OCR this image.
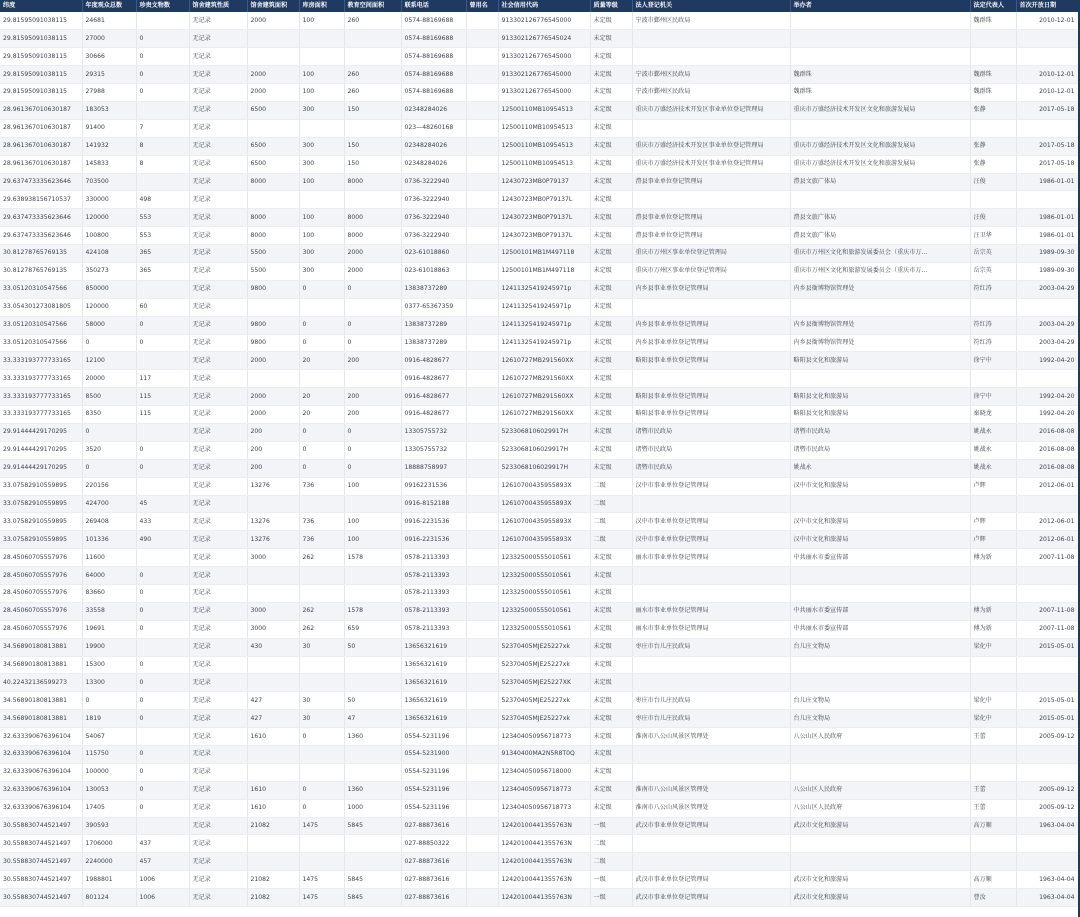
纬度	年度观众总数	珍贵文物数	馆舍建筑性质	馆舍建筑面积	库房面积	教育空间面积	联系电话	曾用名	社会信用代码	质量等级	法人登记机关	举办者	法定代表人	首次开放日期
29.81595091038115	24681		无记录	2000	100	260	0574-88169688		91330212677654500​0	未定级	宁波市鄞州区民政局		魏群珠	2010-12-01
29.81595091038115	27000	0	无记录				0574-88169688		913302126776545024	未定级				
29.81595091038115	30666	0	无记录				0574-88169688		913302126776545000	未定级				
29.81595091038115	29315	0	无记录	2000	100	260	0574-88169688		913302126776545000	未定级	宁波市鄞州区民政局	魏群珠	魏群珠	2010-12-01
29.81595091038115	27988	0	无记录	2000	100	260	0574-88169688		913302126776545000	未定级	宁波市鄞州区民政局	魏群珠	魏群珠	2010-12-01
28.961367010630187	183053		无记录	6500	300	150	02348284026		12500110MB10954513	未定级	重庆市万盛经济技术开发区事业单位登记管理局	重庆市万盛经济技术开发区文化和旅游发展局	张静	2017-05-18
28.961367010630187	91400	7	无记录				023—48260168		12500110MB10954513	未定级				
28.961367010630187	141932	8	无记录	6500	300	150	02348284026		12500110MB10954513	未定级	重庆市万盛经济技术开发区事业单位登记管理局	重庆市万盛经济技术开发区文化和旅游发展局	张静	2017-05-18
28.961367010630187	145833	8	无记录	6500	300	150	02348284026		12500110MB10954513	未定级	重庆市万盛经济技术开发区事业单位登记管理局	重庆市万盛经济技术开发区文化和旅游发展局	张静	2017-05-18
29.637473335623646	703500		无记录	8000	100	8000	0736-3222940		12430723MB0P79137	未定级	澧县事业单位登记管理局	澧县文旅广体局	汪俊	1986-01-01
29.638938156710537	330000	498	无记录				0736-3222940		12430723MB0P79137L	未定级				
29.637473335623646	120000	553	无记录	8000	100	8000	0736-3222940		12430723MB0P79137L	未定级	澧县事业单位登记管理局	澧县文旅广体局	汪俊	1986-01-01
29.637473335623646	100800	553	无记录	8000	100	8000	0736-3222940		12430723MB0P79137L	未定级	澧县事业单位登记管理局	澧县文旅广体局	汪卫华	1986-01-01
30.81278765769135	424108	365	无记录	5500	300	2000	023-61018860		12500101MB1M497118	未定级	重庆市万州区事业单位登记管理局	重庆市万州区文化和旅游发展委员会（重庆市万...	岳宗英	1989-09-30
30.81278765769135	350273	365	无记录	5500	300	2000	023-61018863		12500101MB1M497118	未定级	重庆市万州区事业单位登记管理局	重庆市万州区文化和旅游发展委员会（重庆市万...	岳宗英	1989-09-30
33.05120310547566	850000		无记录	9800	0	0	13838737289		1241132541924597​1p	未定级	内乡县事业单位登记管理局	内乡县衙博物馆管理处	符红涛	2003-04-29
33.05430127308180​5	120000	60	无记录				0377-65367359		12411325419245971p	未定级				
33.05120310547566	58000	0	无记录	9800	0	0	13838737289		12411325419245971p	未定级	内乡县事业单位登记管理局	内乡县衙博物馆管理处	符红涛	2003-04-29
33.05120310547566	0	0	无记录	9800	0	0	13838737289		12411325419245971p	未定级	内乡县事业单位登记管理局	内乡县衙博物馆管理处	符红涛	2003-04-29
33.33319377773316​5	12100		无记录	2000	20	200	0916-4828677		12610727MB291560XX	未定级	略阳县事业单位登记管理局	略阳县文化和旅游局	徐宁中	1992-04-20
33.33319377773316​5	20000	117	无记录				0916-4828677		12610727MB291560XX	未定级				
33.33319377773316​5	8500	115	无记录	2000	20	200	0916-4828677		12610727MB291560XX	未定级	略阳县事业单位登记管理局	略阳县文化和旅游局	徐宁中	1992-04-20
33.33319377773316​5	8350	115	无记录	2000	20	200	0916-4828677		12610727MB291560XX	未定级	略阳县事业单位登记管理局	略阳县文化和旅游局	秦晓龙	1992-04-20
29.91444429170295	0		无记录	200	0	0	13305755732		52330681060299​17H	未定级	诸暨市民政局	诸暨市民政局	姚战永	2016-08-08
29.91444429170295	3520	0	无记录	200	0	0	13305755732		52330681060299​17H	未定级	诸暨市民政局	诸暨市民政局	姚战永	2016-08-08
29.91444429170295	0	0	无记录	200	0	0	18888758997		52330681060299​17H	未定级	诸暨市民政局	姚战永	姚战永	2016-08-08
33.07582910559895	220156		无记录	13276	736	100	09162231536		12610700435955893X	二级	汉中市事业单位登记管理局	汉中市文化和旅游局	卢辉	2012-06-01
33.07582910559895	424700	45	无记录				0916-8152188		12610700435955893X	二级				
33.07582910559895	269408	433	无记录	13276	736	100	0916-2231536		12610700435955893X	二级	汉中市事业单位登记管理局	汉中市文化和旅游局	卢辉	2012-06-01
33.07582910559895	101336	490	无记录	13276	736	100	0916-2231536		12610700435955893X	二级	汉中市事业单位登记管理局	汉中市文化和旅游局	卢辉	2012-06-01
28.45060705557976	11600		无记录	3000	262	1578	0578-2113393		123325000555010561	未定级	丽水市事业单位登记管理局	中共丽水市委宣传部	傅为新	2007-11-08
28.45060705557976	64000	0	无记录				0578-2113393		123325000555010561	未定级				
28.45060705557976	83660	0	无记录				0578-2113393		123325000555010561	未定级				
28.45060705557976	33558	0	无记录	3000	262	1578	0578-2113393		123325000555010561	未定级	丽水市事业单位登记管理局	中共丽水市委宣传部	傅为新	2007-11-08
28.45060705557976	19691	0	无记录	3000	262	659	0578-2113393		123325000555010561	未定级	丽水市事业单位登记管理局	中共丽水市委宣传部	傅为新	2007-11-08
34.56890180813881	19900		无记录	430	30	50	13656321619		52370405MJE25227xk	未定级	枣庄市台儿庄民政局	台儿庄文物局	梁化中	2015-05-01
34.56890180813881	15300	0	无记录				13656321619		52370405MJE25227xk	未定级				
40.22432136599273	13300	0	无记录				13656321619		52370405MJE25227XK	未定级				
34.56890180813881	0	0	无记录	427	30	50	13656321619		52370405MJE25227xk	未定级	枣庄市台儿庄民政局	台儿庄文物局	梁化中	2015-05-01
34.56890180813881	1819	0	无记录	427	30	47	13656321619		52370405MJE25227xk	未定级	枣庄市台儿庄民政局	台儿庄文物局	梁化中	2015-05-01
32.63339067639610​4	54067		无记录	1610	0	1360	0554-5231196		123404050956718773	未定级	淮南市八公山风景区管理处	八公山区人民政府	王蕾	2005-09-12
32.63339067639610​4	115750	0	无记录				0554-5231900		91340400MA2N5R8T0Q	未定级				
32.63339067639610​4	100000	0	无记录				0554-5231196		123404050956718000	未定级				
32.63339067639610​4	130053	0	无记录	1610	0	1360	0554-5231196		123404050956718773	未定级	淮南市八公山风景区管理处	八公山区人民政府	王蕾	2005-09-12
32.63339067639610​4	17405	0	无记录	1610	0	1000	0554-5231196		123404050956718773	未定级	淮南市八公山风景区管理处	八公山区人民政府	王蕾	2005-09-12
30.55883074452149​7	390593		无记录	21082	1475	5845	027-88873616		12420100441355763N	一级	武汉市事业单位登记管理局	武汉市文化和旅游局	高万顺	1963-04-04
30.55883074452149​7	1706000	437	无记录				027-88850322		12420100441355763N	二级				
30.55883074452149​7	2240000	457	无记录				027-88873616		12420100441355763N	二级				
30.55883074452149​7	1988801	1006	无记录	21082	1475	5845	027-88873616		12420100441355763N	一级	武汉市事业单位登记管理局	武汉市文化和旅游局	高万顺	1963-04-04
30.55883074452149​7	801124	1006	无记录	21082	1475	5845	027-88873616		12420100441355763N	一级	武汉市事业单位登记管理局	武汉市文化和旅游局	曹汝	1963-04-04
